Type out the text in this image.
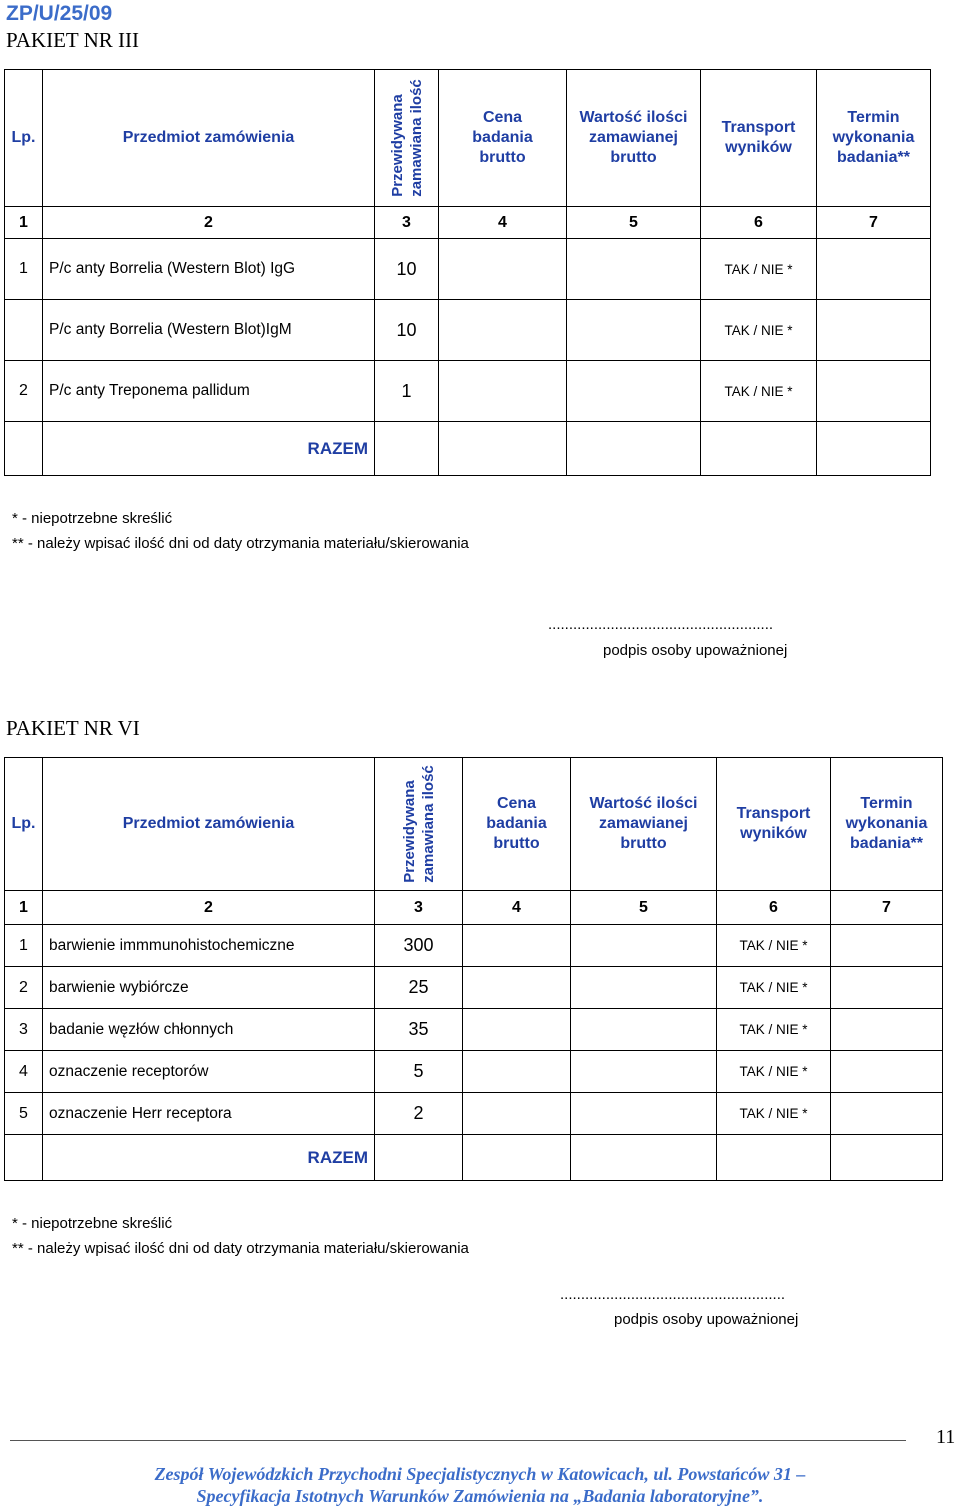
ZP/U/25/09
PAKIET NR III
Lp.	Przedmiot zamówienia	Przewidywana zamawiana ilość	Cena
badania
brutto	Wartość ilości
zamawianej
brutto	Transport
wyników	Termin
wykonania
badania**
1	2	3	4	5	6	7
1	P/c anty Borrelia (Western Blot) IgG	10			TAK / NIE *	
	P/c anty Borrelia (Western Blot)IgM	10			TAK / NIE *	
2	P/c anty Treponema pallidum	1			TAK / NIE *	
	RAZEM					
* - niepotrzebne skreślić
** - należy wpisać ilość dni od daty otrzymania materiału/skierowania
......................................................
podpis osoby upoważnionej
PAKIET NR VI
Lp.	Przedmiot zamówienia	Przewidywana zamawiana ilość	Cena
badania
brutto	Wartość ilości
zamawianej
brutto	Transport
wyników	Termin
wykonania
badania**
1	2	3	4	5	6	7
1	barwienie immmunohistochemiczne	300			TAK / NIE *	
2	barwienie wybiórcze	25			TAK / NIE *	
3	badanie węzłów chłonnych	35			TAK / NIE *	
4	oznaczenie receptorów	5			TAK / NIE *	
5	oznaczenie Herr receptora	2			TAK / NIE *	
	RAZEM					
* - niepotrzebne skreślić
** - należy wpisać ilość dni od daty otrzymania materiału/skierowania
......................................................
podpis osoby upoważnionej
11
Zespół Wojewódzkich Przychodni Specjalistycznych w Katowicach, ul. Powstańców 31 –
Specyfikacja Istotnych Warunków Zamówienia na „Badania laboratoryjne”.
